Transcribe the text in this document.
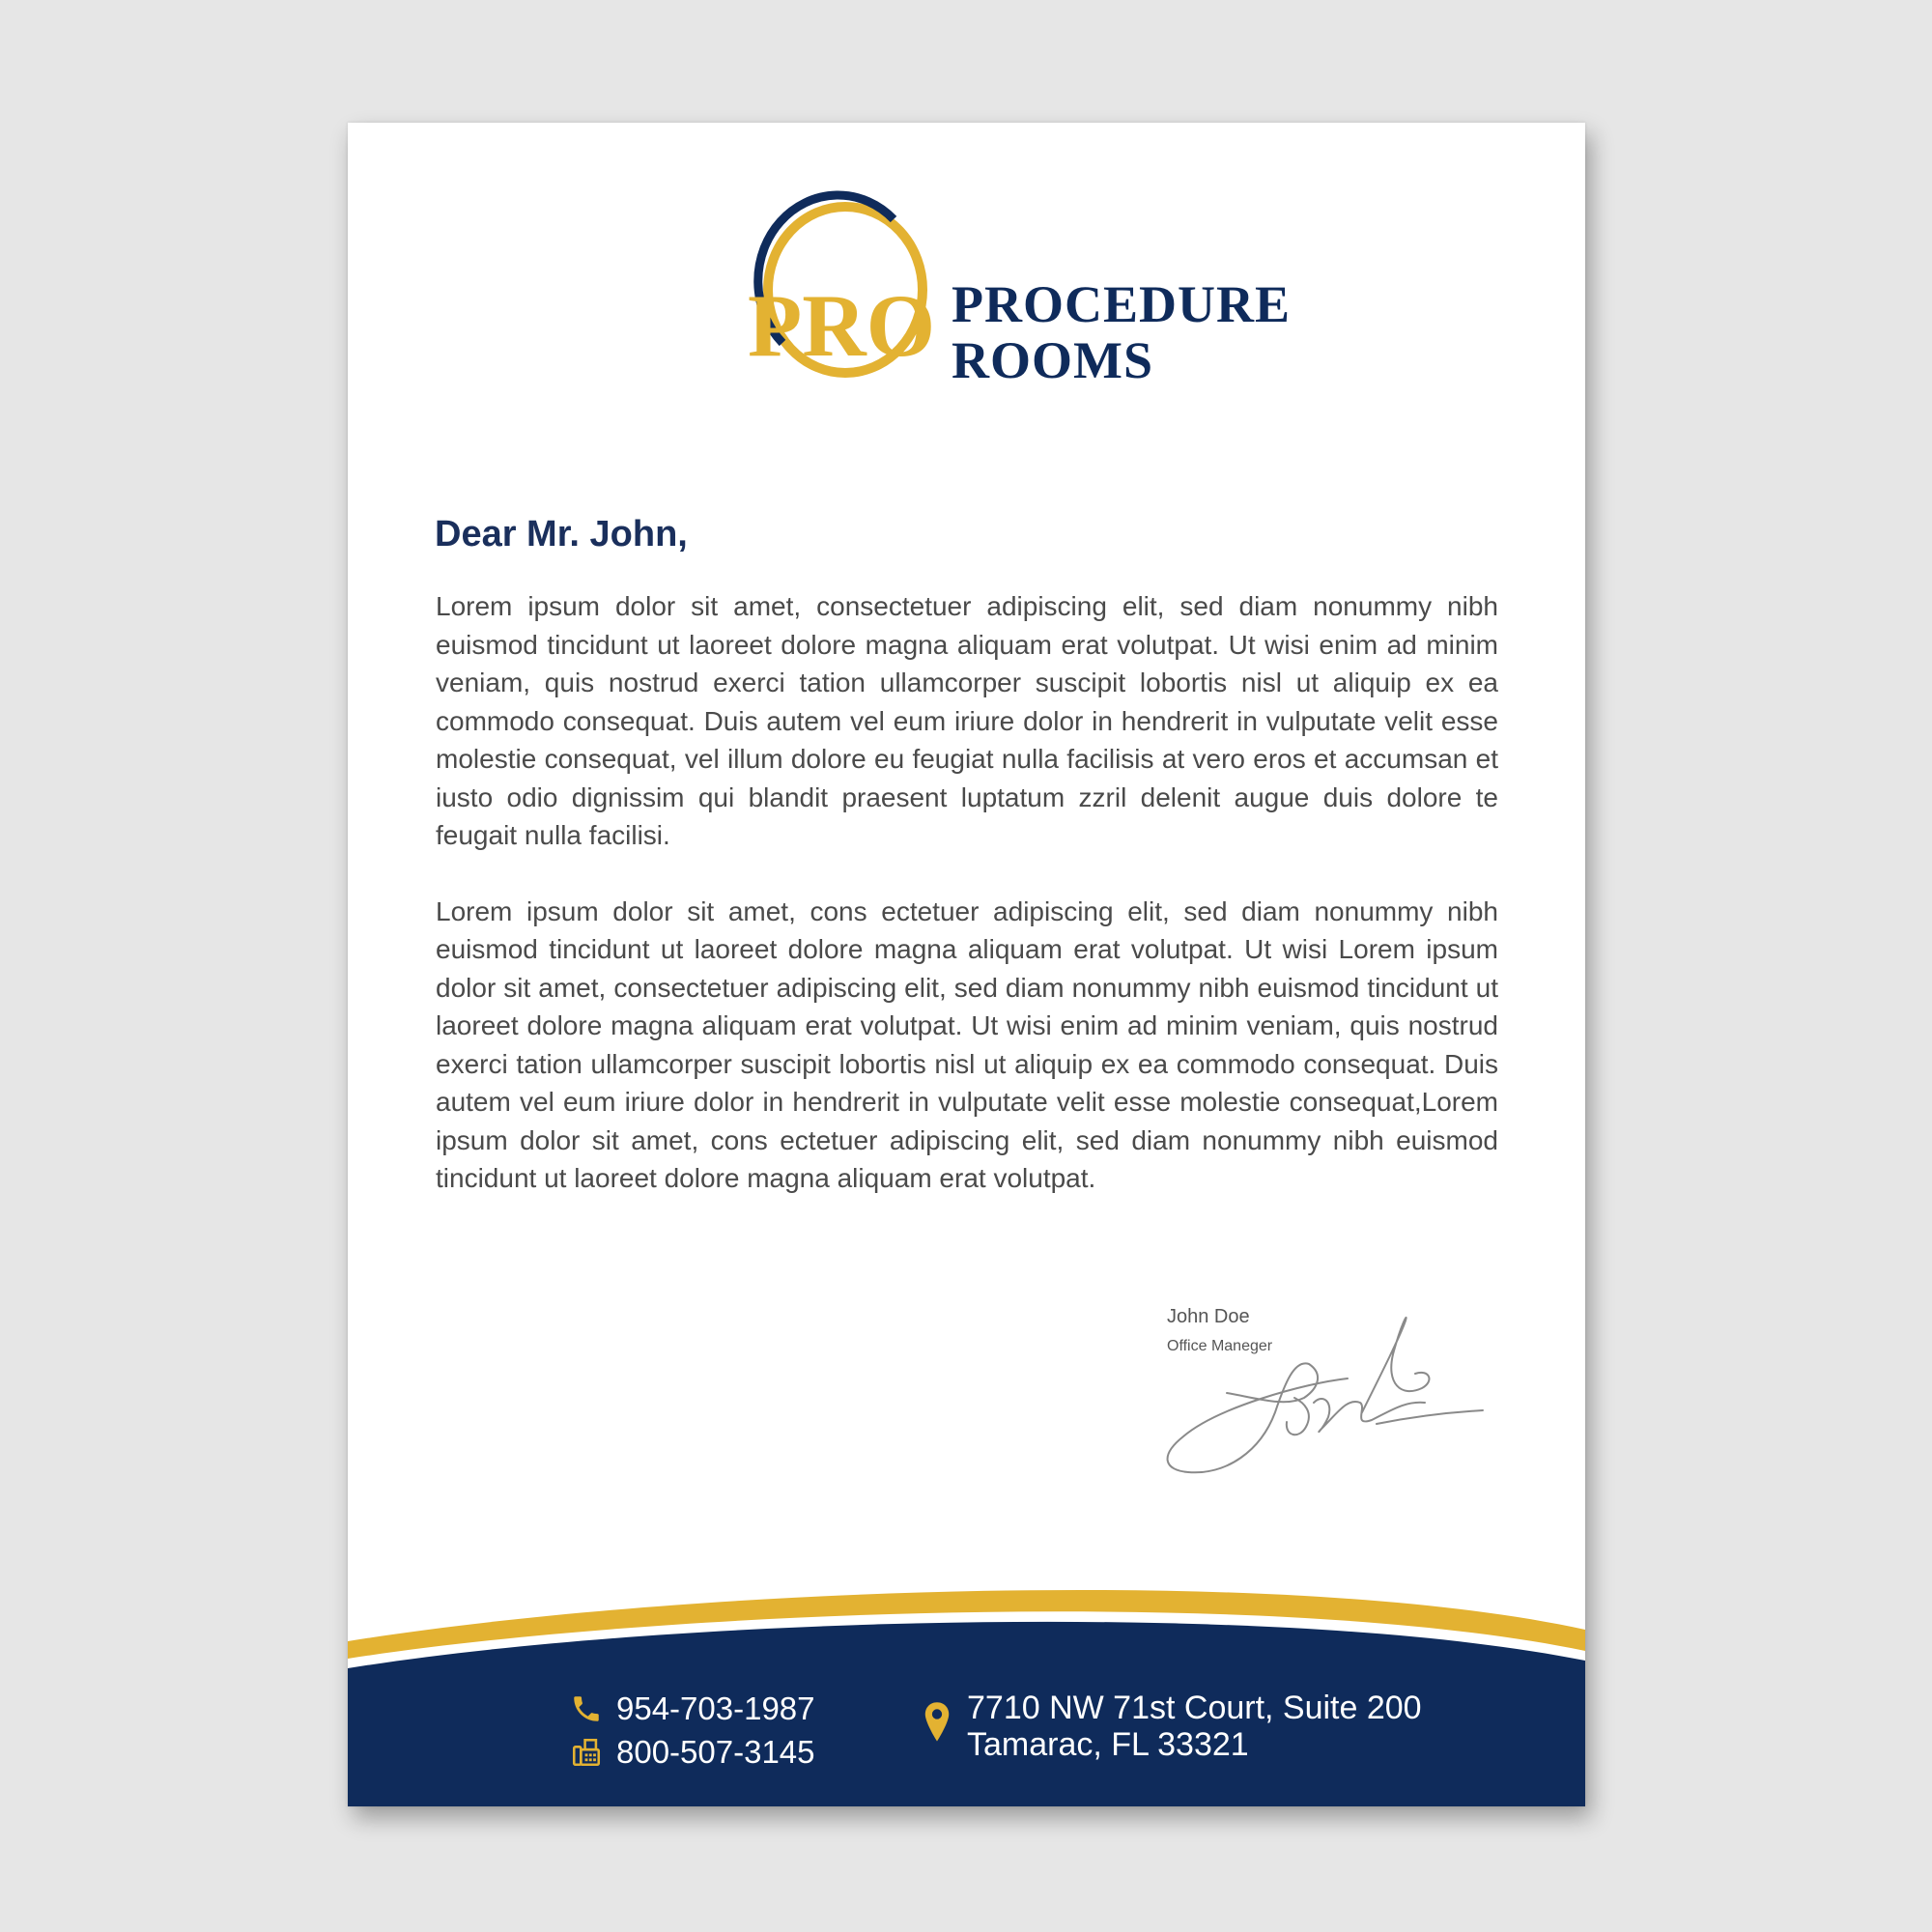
PRO PROCEDURE
ROOMS
Dear Mr. John,

Lorem ipsum dolor sit amet, consectetuer adipiscing elit, sed diam nonummy nibh euismod tincidunt ut laoreet dolore magna aliquam erat volutpat. Ut wisi enim ad minim veniam, quis nostrud exerci tation ullamcorper suscipit lobortis nisl ut aliquip ex ea commodo consequat. Duis autem vel eum iriure dolor in hendrerit in vulputate velit esse molestie consequat, vel illum dolore eu feugiat nulla facilisis at vero eros et accumsan et iusto odio dignissim qui blandit praesent luptatum zzril delenit augue duis dolore te feugait nulla facilisi.

Lorem ipsum dolor sit amet, cons ectetuer adipiscing elit, sed diam nonummy nibh euismod tincidunt ut laoreet dolore magna aliquam erat volutpat. Ut wisi Lorem ipsum dolor sit amet, consectetuer adipiscing elit, sed diam nonummy nibh euismod tincidunt ut laoreet dolore magna aliquam erat volutpat. Ut wisi enim ad minim veniam, quis nostrud exerci tation ullamcorper suscipit lobortis nisl ut aliquip ex ea commodo consequat. Duis autem vel eum iriure dolor in hendrerit in vulputate velit esse molestie consequat,Lorem ipsum dolor sit amet, cons ectetuer adipiscing elit, sed diam nonummy nibh euismod tincidunt ut laoreet dolore magna aliquam erat volutpat.

John Doe
Office Maneger
954-703-1987
800-507-3145
7710 NW 71st Court, Suite 200
Tamarac, FL 33321
